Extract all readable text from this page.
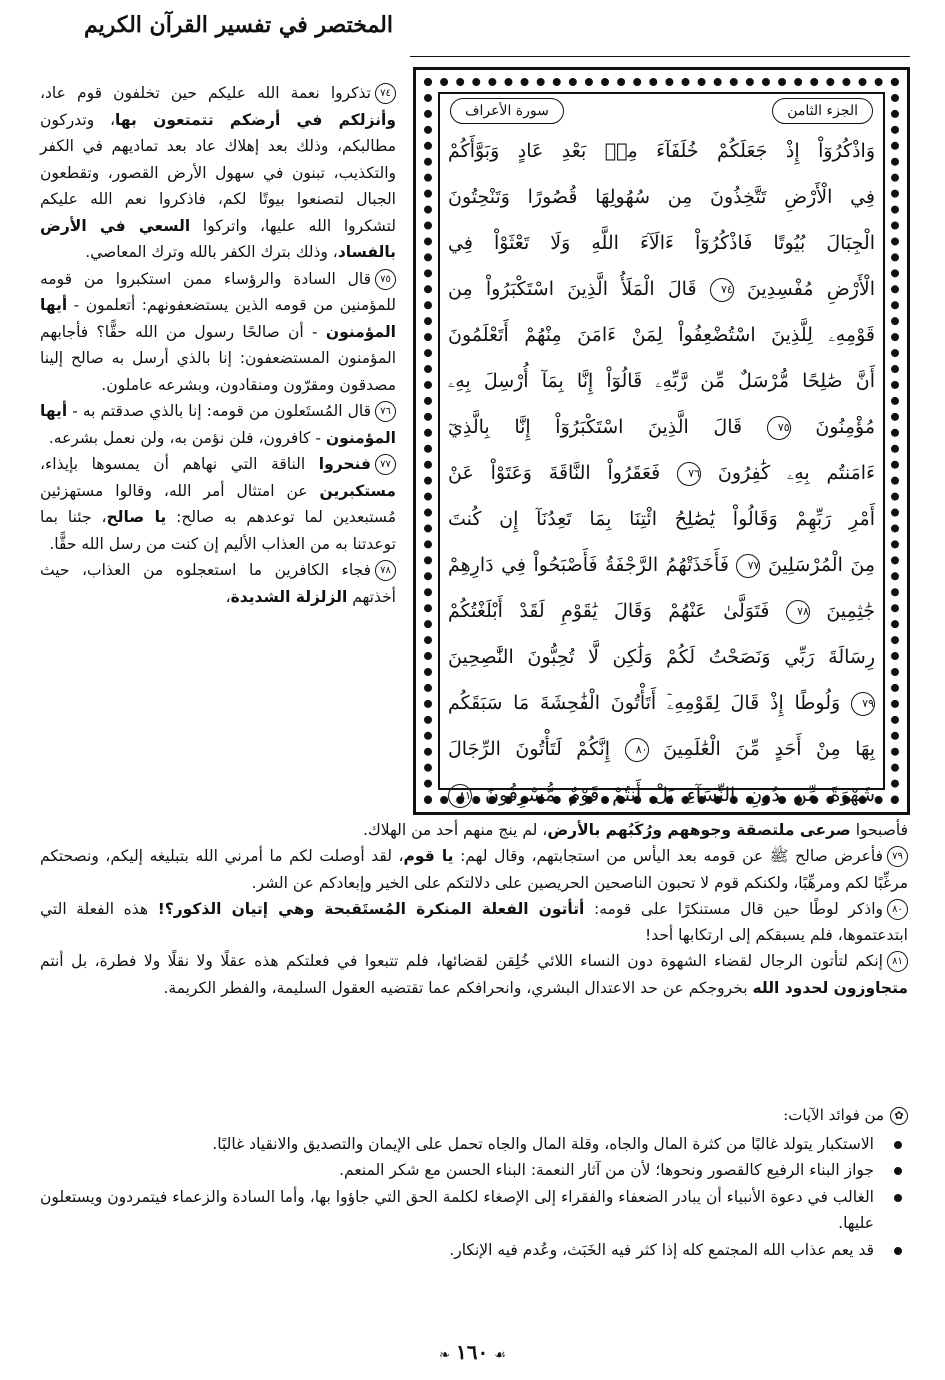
المختصر في تفسير القرآن الكريم
الجزء الثامن
سورة الأعراف
وَاذْكُرُوٓاْ إِذْ جَعَلَكُمْ خُلَفَآءَ مِنۢ بَعْدِ عَادٍ وَبَوَّأَكُمْ
فِي الْأَرْضِ تَتَّخِذُونَ مِن سُهُولِهَا قُصُورًا وَتَنْحِتُونَ
الْجِبَالَ بُيُوتًا فَاذْكُرُوٓاْ ءَالَآءَ اللَّهِ وَلَا تَعْثَوْاْ فِي
الْأَرْضِ مُفْسِدِينَ ٧٤ قَالَ الْمَلَأُ الَّذِينَ اسْتَكْبَرُواْ مِن
قَوْمِهِۦ لِلَّذِينَ اسْتُضْعِفُواْ لِمَنْ ءَامَنَ مِنْهُمْ أَتَعْلَمُونَ
أَنَّ صَٰلِحًا مُّرْسَلٌ مِّن رَّبِّهِۦ قَالُوٓاْ إِنَّا بِمَآ أُرْسِلَ بِهِۦ
مُؤْمِنُونَ ٧٥ قَالَ الَّذِينَ اسْتَكْبَرُوٓاْ إِنَّا بِالَّذِيٓ
ءَامَنتُم بِهِۦ كَٰفِرُونَ ٧٦ فَعَقَرُواْ النَّاقَةَ وَعَتَوْاْ عَنْ
أَمْرِ رَبِّهِمْ وَقَالُواْ يَٰصَٰلِحُ ائْتِنَا بِمَا تَعِدُنَآ إِن كُنتَ
مِنَ الْمُرْسَلِينَ ٧٧ فَأَخَذَتْهُمُ الرَّجْفَةُ فَأَصْبَحُواْ فِي دَارِهِمْ
جَٰثِمِينَ ٧٨ فَتَوَلَّىٰ عَنْهُمْ وَقَالَ يَٰقَوْمِ لَقَدْ أَبْلَغْتُكُمْ
رِسَالَةَ رَبِّي وَنَصَحْتُ لَكُمْ وَلَٰكِن لَّا تُحِبُّونَ النَّٰصِحِينَ
٧٩ وَلُوطًا إِذْ قَالَ لِقَوْمِهِۦٓ أَتَأْتُونَ الْفَٰحِشَةَ مَا سَبَقَكُم
بِهَا مِنْ أَحَدٍ مِّنَ الْعَٰلَمِينَ ٨٠ إِنَّكُمْ لَتَأْتُونَ الرِّجَالَ
شَهْوَةً مِّن دُونِ النِّسَآءِ بَلْ أَنتُمْ قَوْمٌ مُّسْرِفُونَ ٨١

٧٤تذكروا نعمة الله عليكم حين تخلفون قوم عاد، وأنزلكم في أرضكم تتمتعون بها، وتدركون مطالبكم، وذلك بعد إهلاك عاد بعد تماديهم في الكفر والتكذيب، تبنون في سهول الأرض القصور، وتقطعون الجبال لتصنعوا بيوتًا لكم، فاذكروا نعم الله عليكم لتشكروا الله عليها، واتركوا السعي في الأرض بالفساد، وذلك بترك الكفر بالله وترك المعاصي.

٧٥قال السادة والرؤساء ممن استكبروا من قومه للمؤمنين من قومه الذين يستضعفونهم: أتعلمون - أيها المؤمنون - أن صالحًا رسول من الله حقًّا؟ فأجابهم المؤمنون المستضعفون: إنا بالذي أرسل به صالح إلينا مصدقون ومقرّون ومنقادون، وبشرعه عاملون.

٧٦قال المُستَعلون من قومه: إنا بالذي صدقتم به - أيها المؤمنون - كافرون، فلن نؤمن به، ولن نعمل بشرعه.

٧٧فنحروا الناقة التي نهاهم أن يمسوها بإيذاء، مستكبرين عن امتثال أمر الله، وقالوا مستهزئين مُستبعدين لما توعدهم به صالح: يا صالح، جئنا بما توعدتنا به من العذاب الأليم إن كنت من رسل الله حقًّا.

٧٨فجاء الكافرين ما استعجلوه من العذاب، حيث أخذتهم الزلزلة الشديدة،

فأصبحوا صرعى ملتصقة وجوههم ورُكَبُهم بالأرض، لم ينج منهم أحد من الهلاك.

٧٩فأعرض صالح ﷺ عن قومه بعد اليأس من استجابتهم، وقال لهم: يا قوم، لقد أوصلت لكم ما أمرني الله بتبليغه إليكم، ونصحتكم مرغِّبًا لكم ومرهِّبًا، ولكنكم قوم لا تحبون الناصحين الحريصين على دلالتكم على الخير وإبعادكم عن الشر.

٨٠واذكر لوطًا حين قال مستنكرًا على قومه: أتأتون الفعلة المنكرة المُستَقبحة وهي إتيان الذكور؟! هذه الفعلة التي ابتدعتموها، فلم يسبقكم إلى ارتكابها أحد!

٨١إنكم لتأتون الرجال لقضاء الشهوة دون النساء اللائي خُلِقن لقضائها، فلم تتبعوا في فعلتكم هذه عقلًا ولا نقلًا ولا فطرة، بل أنتم متجاوزون لحدود الله بخروجكم عن حد الاعتدال البشري، وانحرافكم عما تقتضيه العقول السليمة، والفطر الكريمة.

✿من فوائد الآيات:
الاستكبار يتولد غالبًا من كثرة المال والجاه، وقلة المال والجاه تحمل على الإيمان والتصديق والانقياد غالبًا.
جواز البناء الرفيع كالقصور ونحوها؛ لأن من آثار النعمة: البناء الحسن مع شكر المنعم.
الغالب في دعوة الأنبياء أن يبادر الضعفاء والفقراء إلى الإصغاء لكلمة الحق التي جاؤوا بها، وأما السادة والزعماء فيتمردون ويستعلون عليها.
قد يعم عذاب الله المجتمع كله إذا كثر فيه الخَبَث، وعُدم فيه الإنكار.
❧ ١٦٠ ☙
